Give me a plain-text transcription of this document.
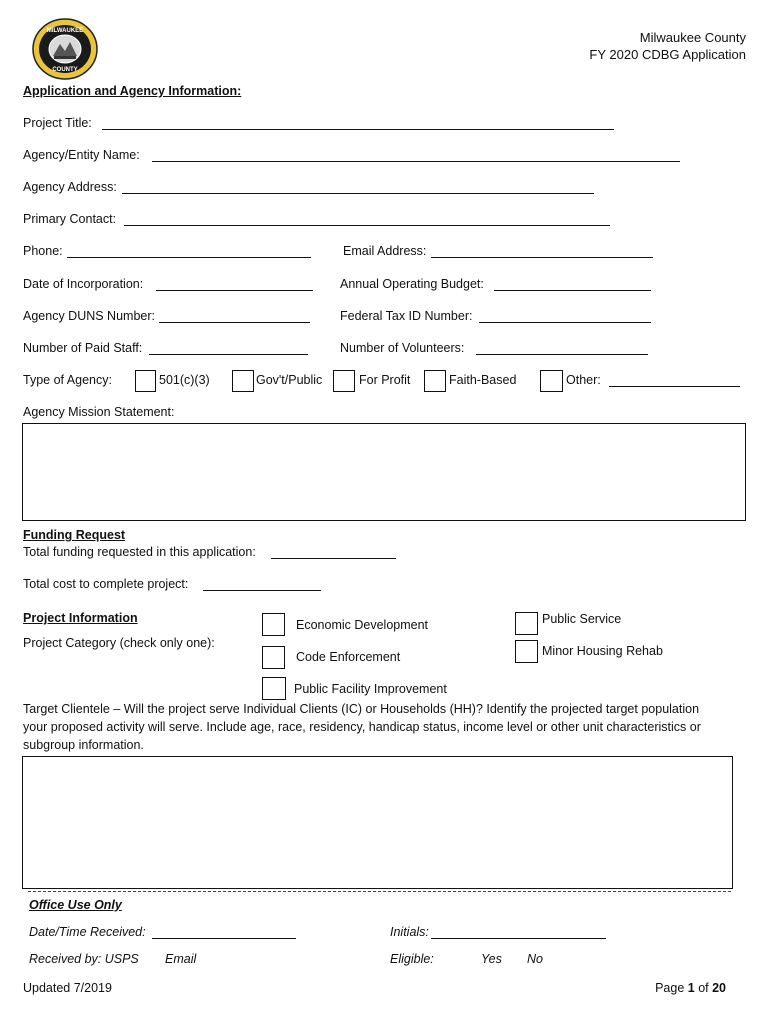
MILWAUKEE
COUNTY
Milwaukee County
FY 2020 CDBG Application
Application and Agency Information:
Project Title:
Agency/Entity Name:
Agency Address:
Primary Contact:
Phone:	Email Address:
Date of Incorporation:	Annual Operating Budget:
Agency DUNS Number:	Federal Tax ID Number:
Number of Paid Staff:	Number of Volunteers:
Type of Agency:	501(c)(3)	Gov't/Public	For Profit	Faith-Based	Other:
Agency Mission Statement:
Funding Request
Total funding requested in this application:
Total cost to complete project:
Project Information
Project Category (check only one):
Economic Development
Code Enforcement
Public Facility Improvement
Public Service
Minor Housing Rehab
Target Clientele – Will the project serve Individual Clients (IC) or Households (HH)? Identify the projected target population
your proposed activity will serve. Include age, race, residency, handicap status, income level or other unit characteristics or
subgroup information.
Office Use Only
Date/Time Received:	Initials:
Received by: USPS Email	Eligible:	Yes No
Updated 7/2019	Page 1 of 20
